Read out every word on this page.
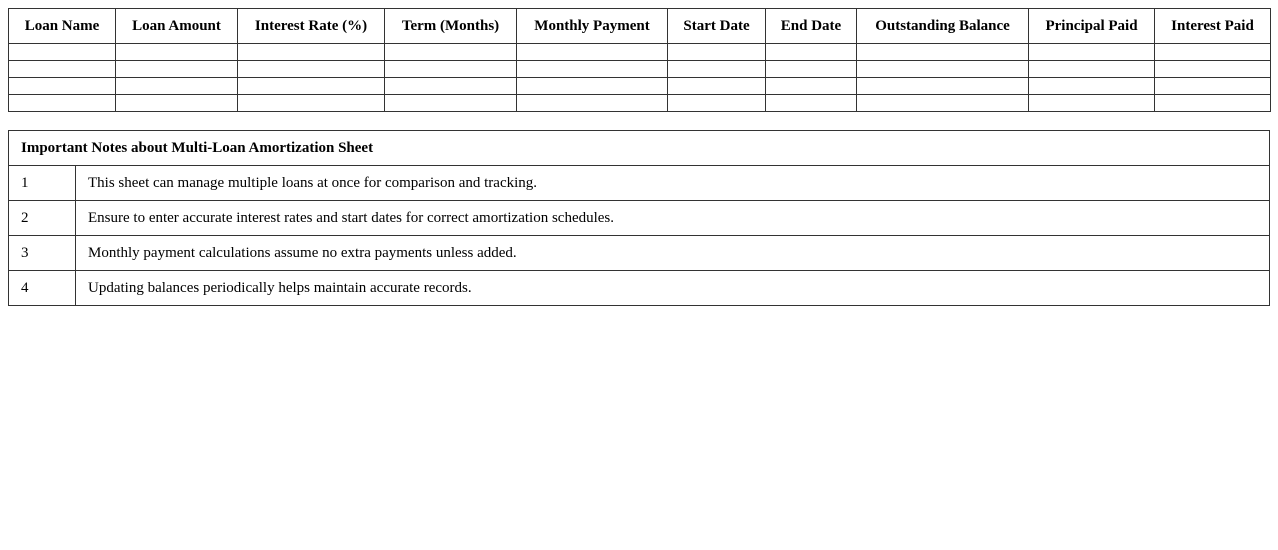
Loan Name	Loan Amount	Interest Rate (%)	Term (Months)	Monthly Payment	Start Date	End Date	Outstanding Balance	Principal Paid	Interest Paid

Important Notes about Multi-Loan Amortization Sheet	
1	This sheet can manage multiple loans at once for comparison and tracking.
2	Ensure to enter accurate interest rates and start dates for correct amortization schedules.
3	Monthly payment calculations assume no extra payments unless added.
4	Updating balances periodically helps maintain accurate records.
